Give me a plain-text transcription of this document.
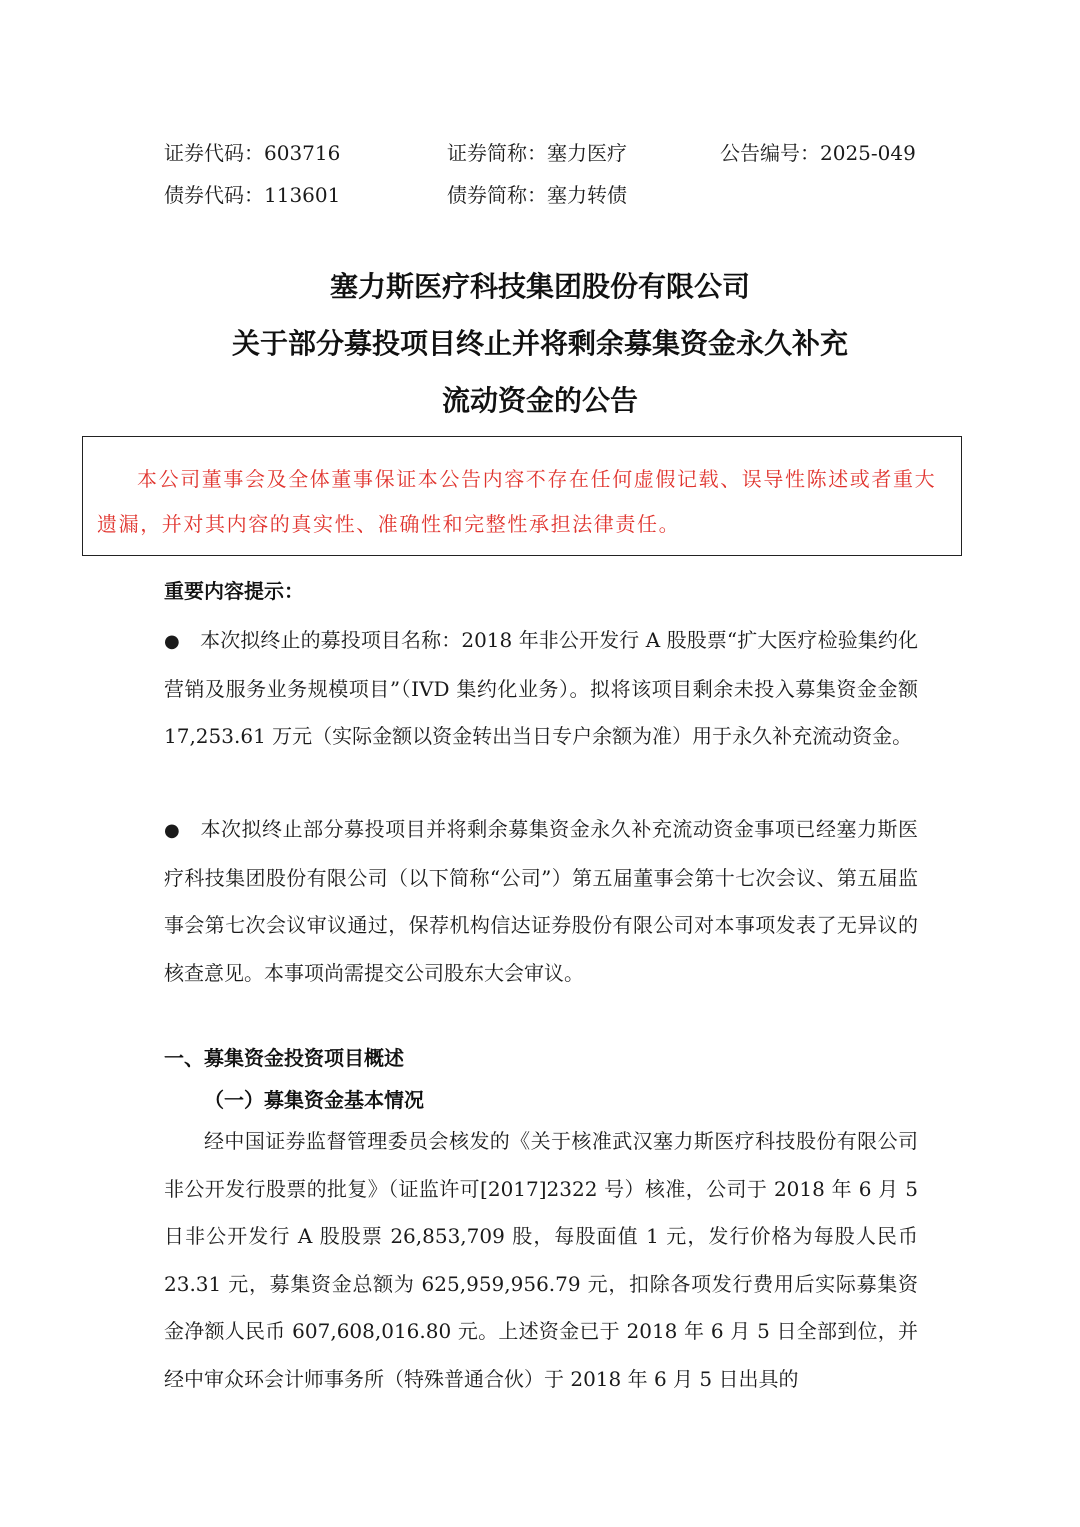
证券代码：603716	证券简称：塞力医疗	公告编号：2025-049
债券代码：113601	债券简称：塞力转债
塞力斯医疗科技集团股份有限公司
关于部分募投项目终止并将剩余募集资金永久补充
流动资金的公告

本公司董事会及全体董事保证本公告内容不存在任何虚假记载、误导性陈述或者重大遗漏，并对其内容的真实性、准确性和完整性承担法律责任。

重要内容提示：

● 本次拟终止的募投项目名称：2018 年非公开发行 A 股股票“扩大医疗检验集约化营销及服务业务规模项目”（IVD 集约化业务）。拟将该项目剩余未投入募集资金金额 17,253.61 万元（实际金额以资金转出当日专户余额为准）用于永久补充流动资金。

● 本次拟终止部分募投项目并将剩余募集资金永久补充流动资金事项已经塞力斯医疗科技集团股份有限公司（以下简称“公司”）第五届董事会第十七次会议、第五届监事会第七次会议审议通过，保荐机构信达证券股份有限公司对本事项发表了无异议的核查意见。本事项尚需提交公司股东大会审议。

一、募集资金投资项目概述
（一）募集资金基本情况

经中国证券监督管理委员会核发的《关于核准武汉塞力斯医疗科技股份有限公司非公开发行股票的批复》（证监许可[2017]2322 号）核准，公司于 2018 年 6 月 5 日非公开发行 A 股股票 26,853,709 股，每股面值 1 元，发行价格为每股人民币 23.31 元，募集资金总额为 625,959,956.79 元，扣除各项发行费用后实际募集资金净额人民币 607,608,016.80 元。上述资金已于 2018 年 6 月 5 日全部到位，并经中审众环会计师事务所（特殊普通合伙）于 2018 年 6 月 5 日出具的
